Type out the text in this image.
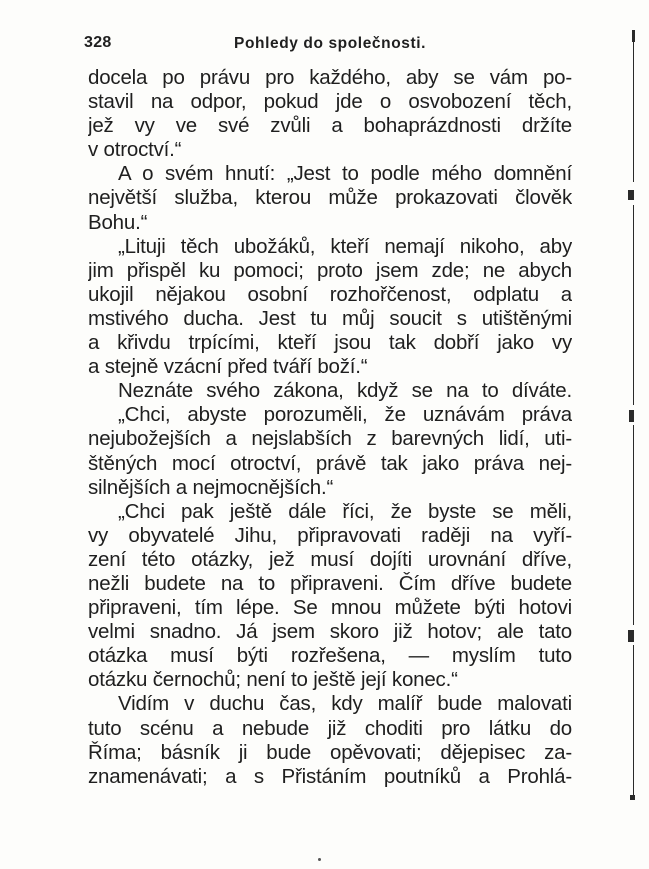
328	Pohledy do společnosti.
docela po právu pro každého, aby se vám po-
stavil na odpor, pokud jde o osvobození těch,
jež vy ve své zvůli a bohaprázdnosti držíte
v otroctví.“
A o svém hnutí: „Jest to podle mého domnění
největší služba, kterou může prokazovati člověk
Bohu.“
„Lituji těch ubožáků, kteří nemají nikoho, aby
jim přispěl ku pomoci; proto jsem zde; ne abych
ukojil nějakou osobní rozhořčenost, odplatu a
mstivého ducha. Jest tu můj soucit s utištěnými
a křivdu trpícími, kteří jsou tak dobří jako vy
a stejně vzácní před tváří boží.“
Neznáte svého zákona, když se na to díváte.
„Chci, abyste porozuměli, že uznávám práva
nejubožejších a nejslabších z barevných lidí, uti-
štěných mocí otroctví, právě tak jako práva nej-
silnějších a nejmocnějších.“
„Chci pak ještě dále říci, že byste se měli,
vy obyvatelé Jihu, připravovati raději na vyří-
zení této otázky, jež musí dojíti urovnání dříve,
nežli budete na to připraveni. Čím dříve budete
připraveni, tím lépe. Se mnou můžete býti hotovi
velmi snadno. Já jsem skoro již hotov; ale tato
otázka musí býti rozřešena, — myslím tuto
otázku černochů; není to ještě její konec.“
Vidím v duchu čas, kdy malíř bude malovati
tuto scénu a nebude již choditi pro látku do
Říma; básník ji bude opěvovati; dějepisec za-
znamenávati; a s Přistáním poutníků a Prohlá-
